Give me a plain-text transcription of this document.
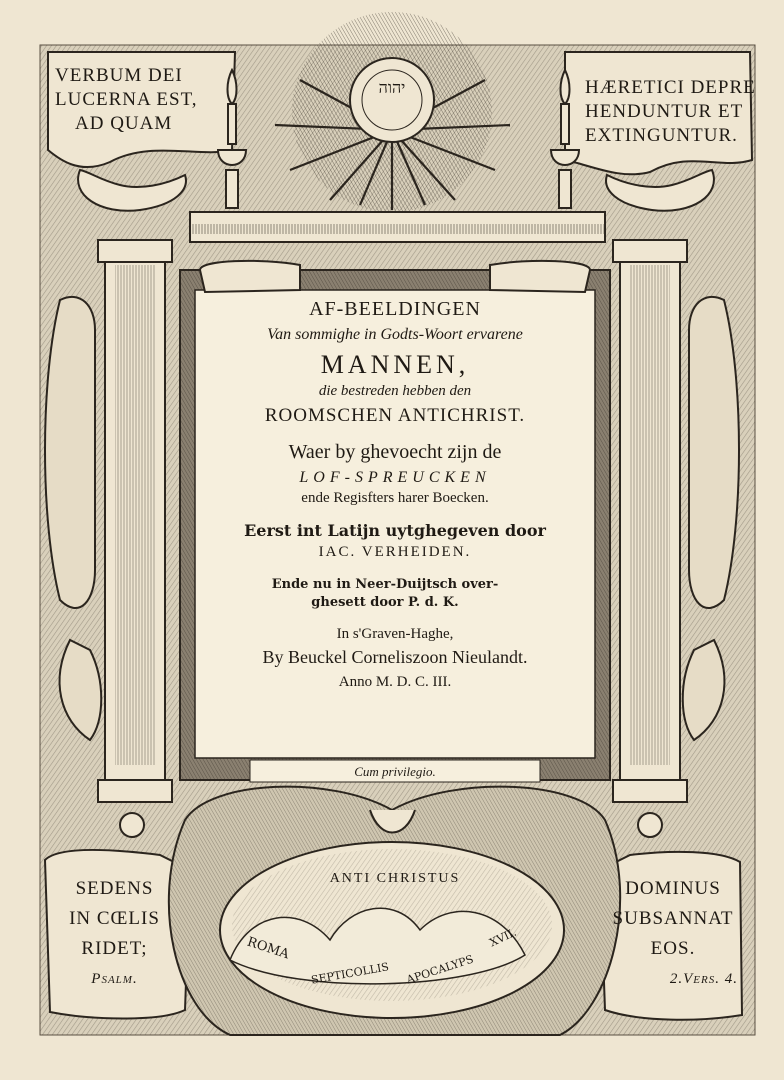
יהוה
VERBUM DEI
LUCERNA EST,
AD QUAM
HÆRETICI DEPRE
HENDUNTUR ET
EXTINGUNTUR.
SEDENS
IN CŒLIS
RIDET;
Psalm.
DOMINUS
SUBSANNAT
EOS.
2.Vers. 4.
AF-BEELDINGEN
Van sommighe in Godts-Woort ervarene
MANNEN,
die bestreden hebben den
ROOMSCHEN ANTICHRIST.
Waer by ghevoecht zijn de
LOF-SPREUCKEN
ende Regisfters harer Boecken.
Eerst int Latijn uytghegeven door
IAC. VERHEIDEN.
Ende nu in Neer-Duijtsch over-
ghesett door P. d. K.
In s'Graven-Haghe,
By Beuckel Corneliszoon Nieulandt.
Anno M. D. C. III.
Cum privilegio.
ANTI CHRISTUS
ROMA
SEPTICOLLIS	APOCALYPS
XVII.
